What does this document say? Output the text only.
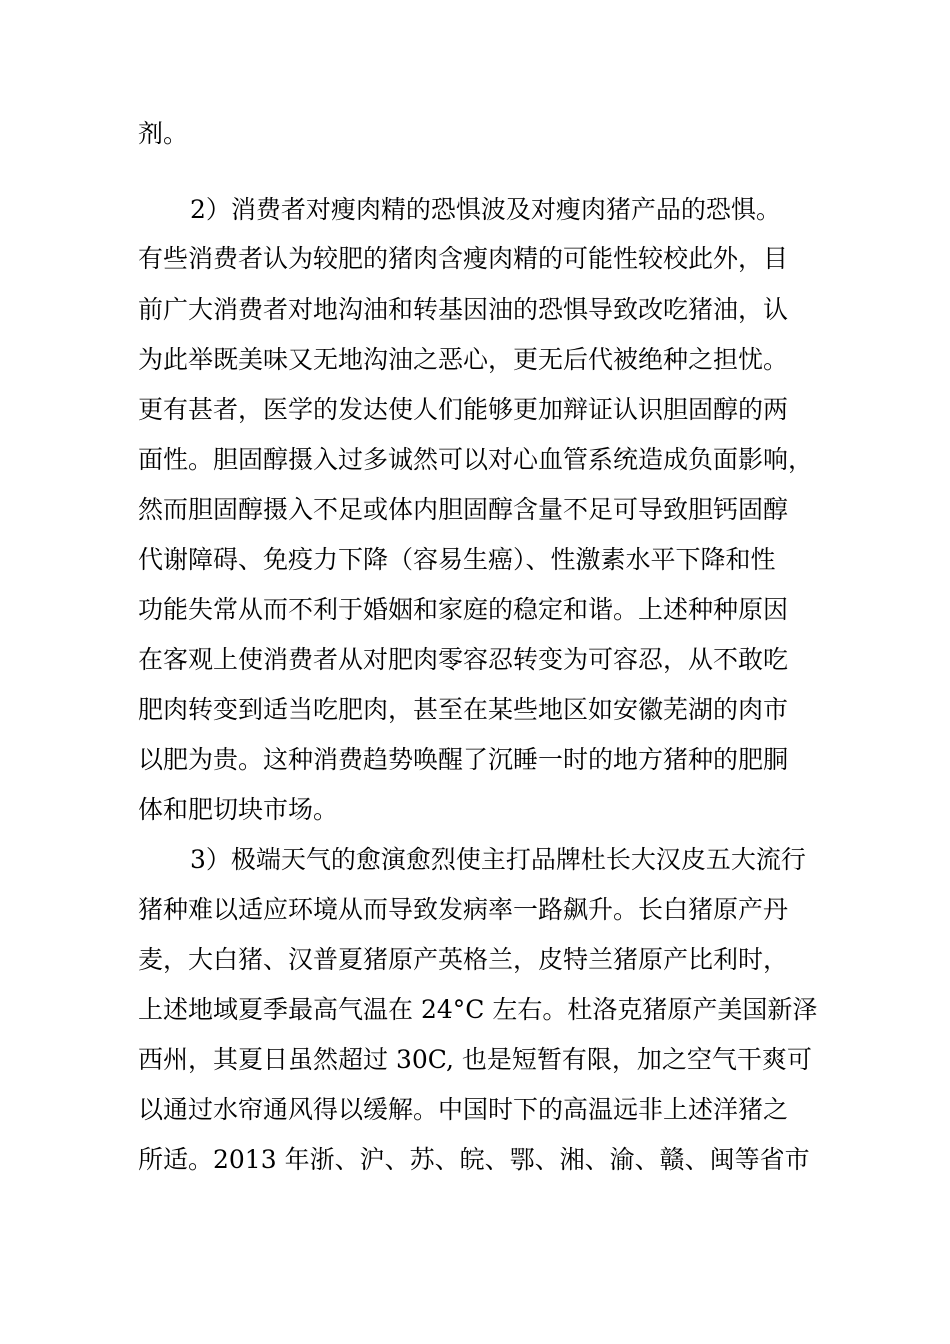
剂。
2）消费者对瘦肉精的恐惧波及对瘦肉猪产品的恐惧。
有些消费者认为较肥的猪肉含瘦肉精的可能性较校此外，目
前广大消费者对地沟油和转基因油的恐惧导致改吃猪油，认
为此举既美味又无地沟油之恶心，更无后代被绝种之担忧。
更有甚者，医学的发达使人们能够更加辩证认识胆固醇的两
面性。胆固醇摄入过多诚然可以对心血管系统造成负面影响，
然而胆固醇摄入不足或体内胆固醇含量不足可导致胆钙固醇
代谢障碍、免疫力下降（容易生癌）、性激素水平下降和性
功能失常从而不利于婚姻和家庭的稳定和谐。上述种种原因
在客观上使消费者从对肥肉零容忍转变为可容忍，从不敢吃
肥肉转变到适当吃肥肉，甚至在某些地区如安徽芜湖的肉市
以肥为贵。这种消费趋势唤醒了沉睡一时的地方猪种的肥胴
体和肥切块市场。
3）极端天气的愈演愈烈使主打品牌杜长大汉皮五大流行
猪种难以适应环境从而导致发病率一路飙升。长白猪原产丹
麦，大白猪、汉普夏猪原产英格兰，皮特兰猪原产比利时，
上述地域夏季最高气温在 24°C 左右。杜洛克猪原产美国新泽
西州，其夏日虽然超过 30C, 也是短暂有限，加之空气干爽可
以通过水帘通风得以缓解。中国时下的高温远非上述洋猪之
所适。2013 年浙、沪、苏、皖、鄂、湘、渝、赣、闽等省市
